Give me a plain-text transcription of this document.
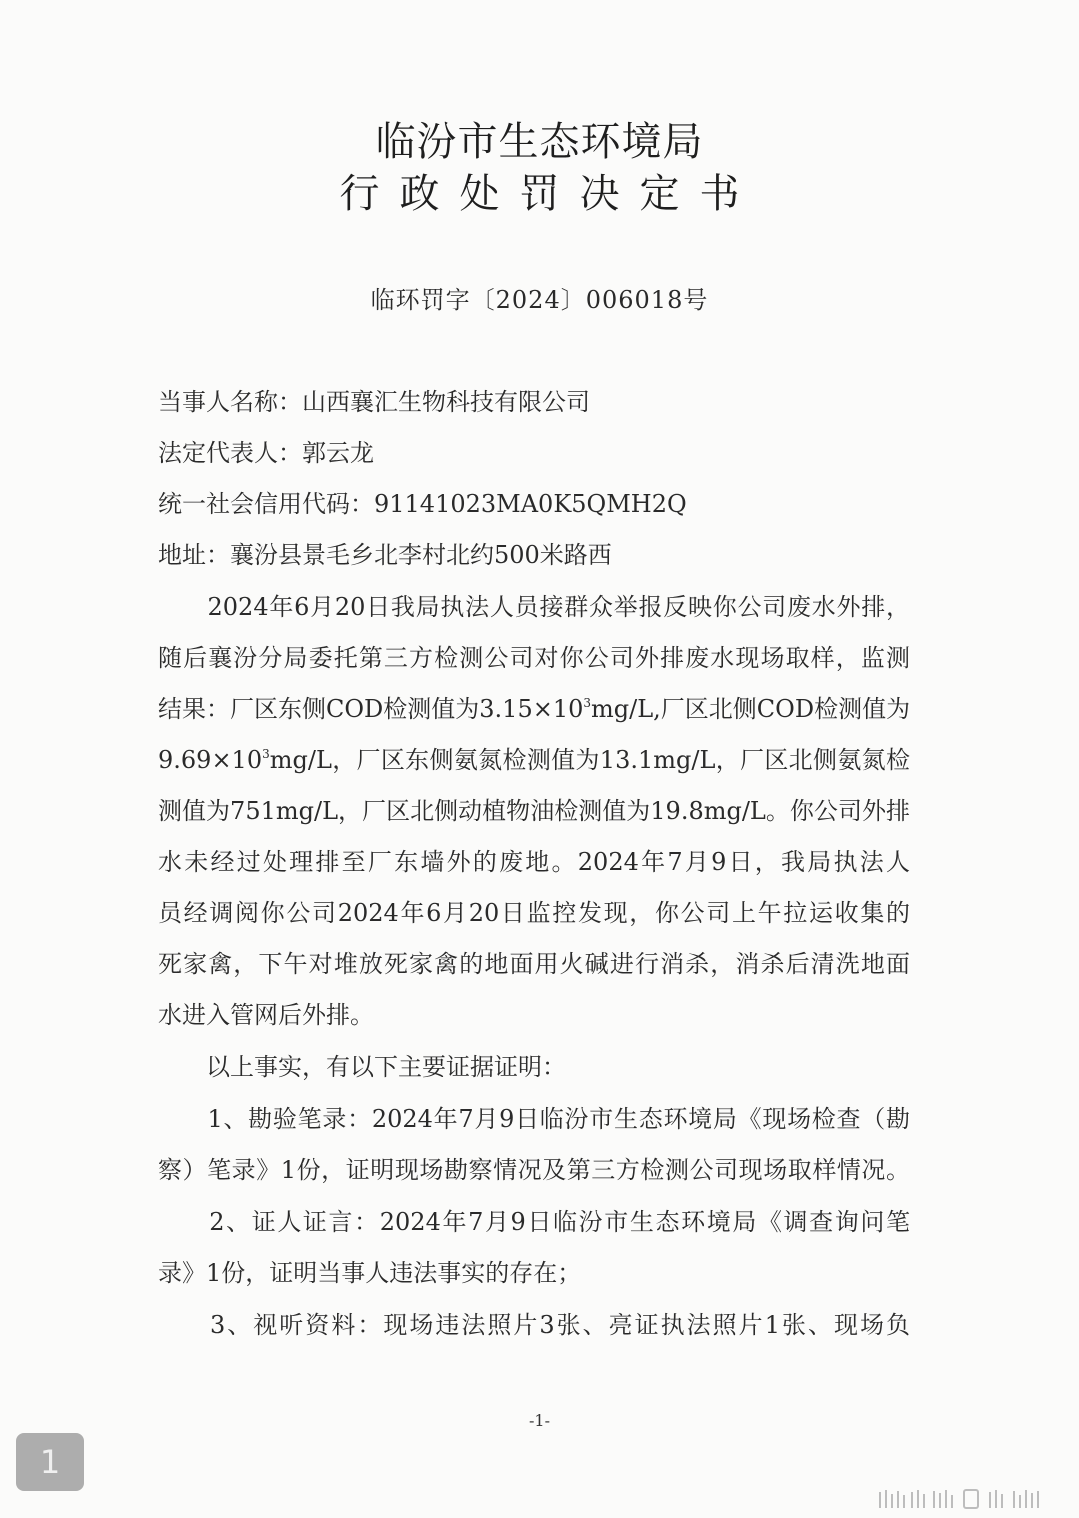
临汾市生态环境局
行政处罚决定书
临环罚字〔2024〕006018号
当事人名称：山西襄汇生物科技有限公司
法定代表人：郭云龙
统一社会信用代码：91141023MA0K5QMH2Q
地址：襄汾县景毛乡北李村北约500米路西
　　2024年6月20日我局执法人员接群众举报反映你公司废水外排，
随后襄汾分局委托第三方检测公司对你公司外排废水现场取样，监测
结果：厂区东侧COD检测值为$3.15\times 10^3mg/L$,厂区北侧COD检测值为
$9.69\times 10^3mg/L$，厂区东侧氨氮检测值为13.1mg/L，厂区北侧氨氮检
测值为751mg/L，厂区北侧动植物油检测值为19.8mg/L。你公司外排
水未经过处理排至厂东墙外的废地。2024年7月9日，我局执法人
员经调阅你公司2024年6月20日监控发现，你公司上午拉运收集的
死家禽，下午对堆放死家禽的地面用火碱进行消杀，消杀后清洗地面
水进入管网后外排。
　　以上事实，有以下主要证据证明：
　　1、勘验笔录：2024年7月9日临汾市生态环境局《现场检查（勘
察）笔录》1份，证明现场勘察情况及第三方检测公司现场取样情况。
　　2、证人证言：2024年7月9日临汾市生态环境局《调查询问笔
录》1份，证明当事人违法事实的存在；
　　3、视听资料：现场违法照片3张、亮证执法照片1张、现场负
-1-
1
